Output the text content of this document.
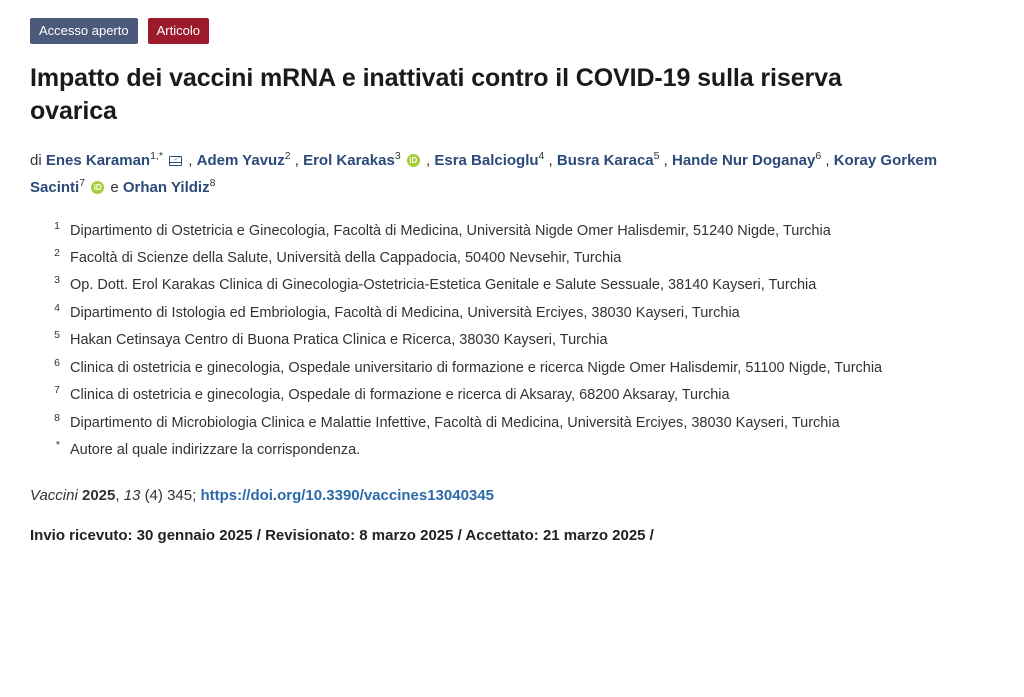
Accesso aperto	Articolo
Impatto dei vaccini mRNA e inattivati contro il COVID-19 sulla riserva ovarica
di Enes Karaman$^{1,*}$  , Adem Yavuz$^2$ , Erol Karakas$^3$ iD , Esra Balcioglu$^4$ , Busra Karaca$^5$ , Hande Nur Doganay$^6$ , Koray Gorkem Sacinti$^7$ iD e Orhan Yildiz$^8$
1 Dipartimento di Ostetricia e Ginecologia, Facoltà di Medicina, Università Nigde Omer Halisdemir, 51240 Nigde, Turchia
2 Facoltà di Scienze della Salute, Università della Cappadocia, 50400 Nevsehir, Turchia
3 Op. Dott. Erol Karakas Clinica di Ginecologia-Ostetricia-Estetica Genitale e Salute Sessuale, 38140 Kayseri, Turchia
4 Dipartimento di Istologia ed Embriologia, Facoltà di Medicina, Università Erciyes, 38030 Kayseri, Turchia
5 Hakan Cetinsaya Centro di Buona Pratica Clinica e Ricerca, 38030 Kayseri, Turchia
6 Clinica di ostetricia e ginecologia, Ospedale universitario di formazione e ricerca Nigde Omer Halisdemir, 51100 Nigde, Turchia
7 Clinica di ostetricia e ginecologia, Ospedale di formazione e ricerca di Aksaray, 68200 Aksaray, Turchia
8 Dipartimento di Microbiologia Clinica e Malattie Infettive, Facoltà di Medicina, Università Erciyes, 38030 Kayseri, Turchia
* Autore al quale indirizzare la corrispondenza.
Vaccini 2025, 13 (4) 345; https://doi.org/10.3390/vaccines13040345
Invio ricevuto: 30 gennaio 2025 / Revisionato: 8 marzo 2025 / Accettato: 21 marzo 2025 /
